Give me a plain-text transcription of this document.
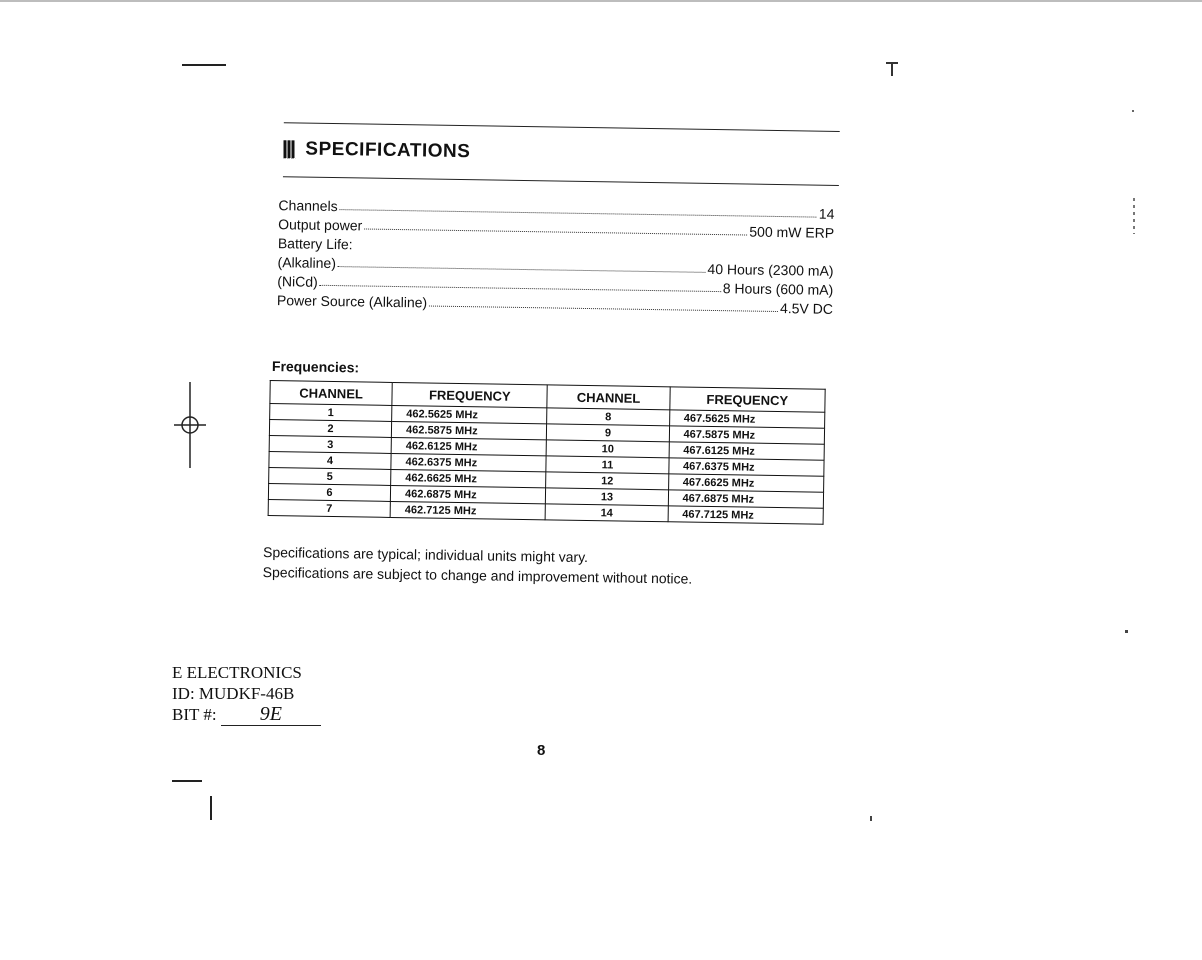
SPECIFICATIONS
Channels	14
Output power	500 mW ERP
Battery Life:
(Alkaline)	40 Hours (2300 mA)
(NiCd)	8 Hours (600 mA)
Power Source (Alkaline)	4.5V DC
Frequencies:
CHANNEL	FREQUENCY	CHANNEL	FREQUENCY
1	462.5625 MHz	8	467.5625 MHz
2	462.5875 MHz	9	467.5875 MHz
3	462.6125 MHz	10	467.6125 MHz
4	462.6375 MHz	11	467.6375 MHz
5	462.6625 MHz	12	467.6625 MHz
6	462.6875 MHz	13	467.6875 MHz
7	462.7125 MHz	14	467.7125 MHz
Specifications are typical; individual units might vary.
Specifications are subject to change and improvement without notice.
E ELECTRONICS
ID: MUDKF-46B
BIT #: 9E
8
